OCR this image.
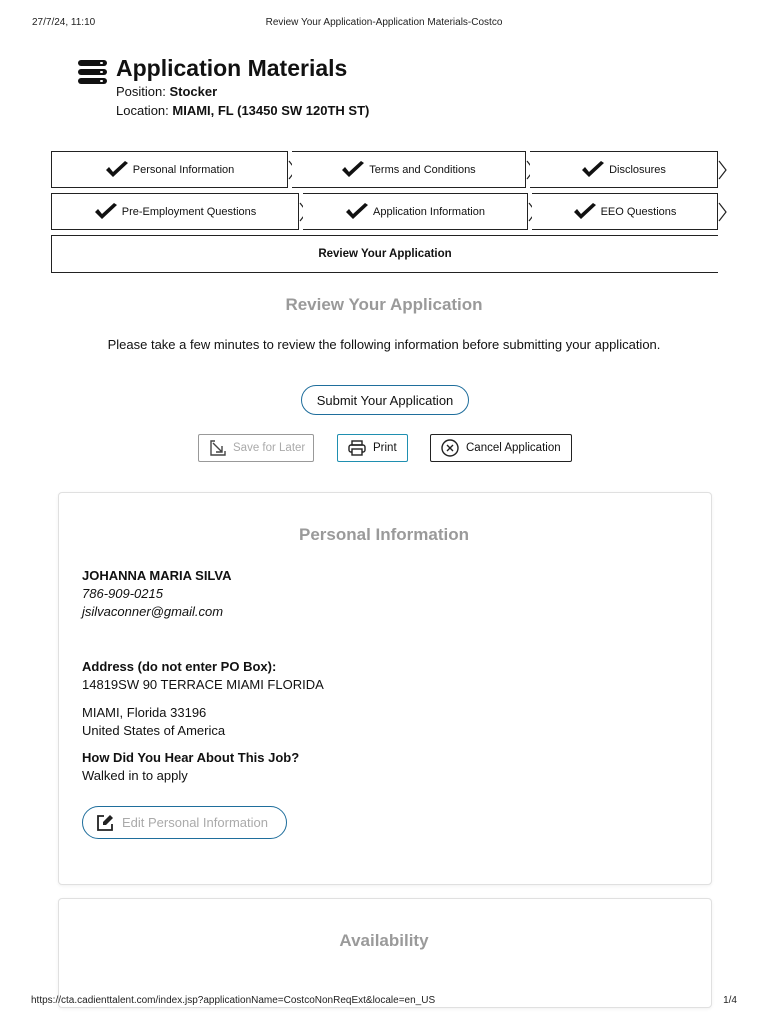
27/7/24, 11:10	Review Your Application-Application Materials-Costco
Application Materials
Position: Stocker
Location: MIAMI, FL (13450 SW 120TH ST)
Personal Information	Terms and Conditions	Disclosures
Pre-Employment Questions	Application Information	EEO Questions
Review Your Application
Review Your Application
Please take a few minutes to review the following information before submitting your application.
Submit Your Application
Save for Later	Print	Cancel Application
Personal Information
JOHANNA MARIA SILVA
786-909-0215
jsilvaconner@gmail.com
Address (do not enter PO Box):
14819SW 90 TERRACE MIAMI FLORIDA
MIAMI, Florida 33196
United States of America
How Did You Hear About This Job?
Walked in to apply
Edit Personal Information
Availability
https://cta.cadienttalent.com/index.jsp?applicationName=CostcoNonReqExt&locale=en_US	1/4
